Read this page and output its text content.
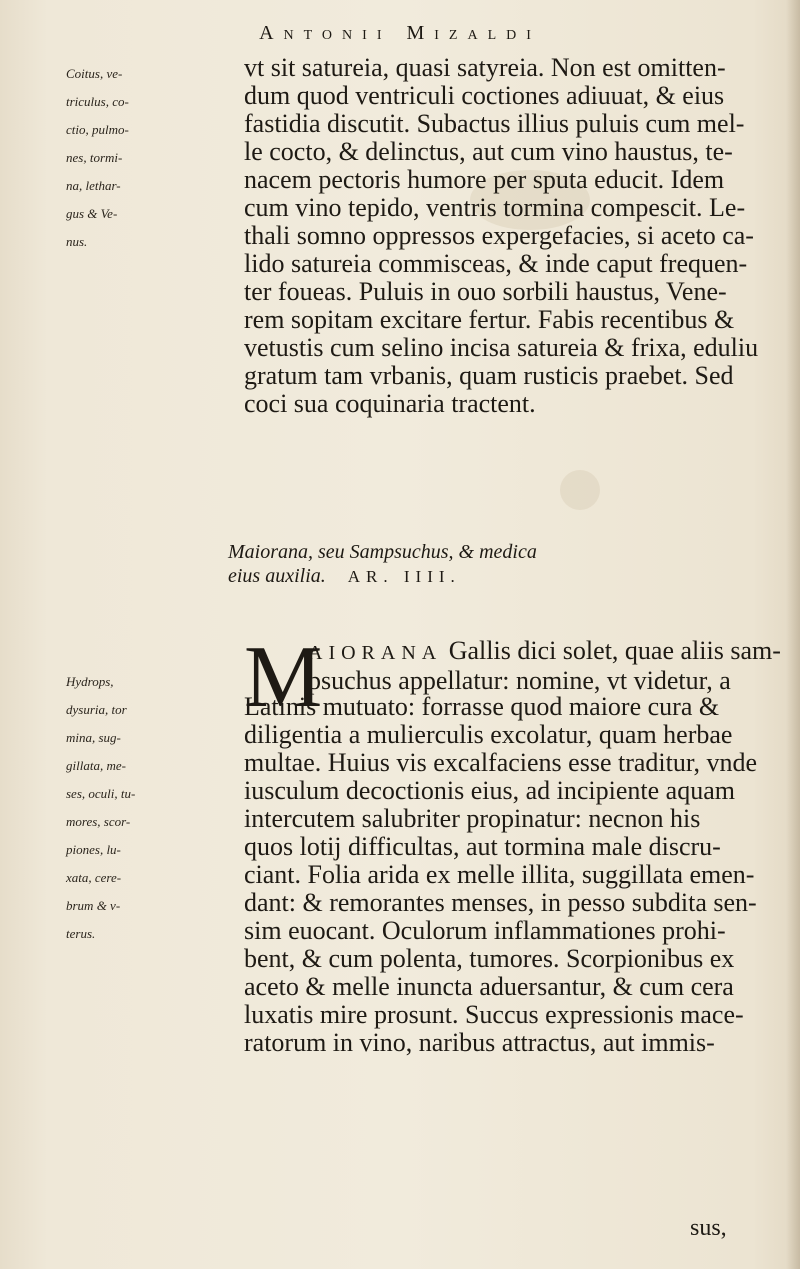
Antonii Mizaldi
Coitus, ve-
triculus, co-
ctio, pulmo-
nes, tormi-
na, lethar-
gus & Ve-
nus.
vt sit satureia, quasi satyreia. Non est omitten-
dum quod ventriculi coctiones adiuuat, & eius
fastidia discutit. Subactus illius puluis cum mel-
le cocto, & delinctus, aut cum vino haustus, te-
nacem pectoris humore per sputa educit. Idem
cum vino tepido, ventris tormina compescit. Le-
thali somno oppressos expergefacies, si aceto ca-
lido satureia commisceas, & inde caput frequen-
ter foueas. Puluis in ouo sorbili haustus, Vene-
rem sopitam excitare fertur. Fabis recentibus &
vetustis cum selino incisa satureia & frixa, eduliu
gratum tam vrbanis, quam rusticis praebet. Sed
coci sua coquinaria tractent.
Maiorana, seu Sampsuchus, & medica
eius auxilia. AR. IIII.
M
AIORANA Gallis dici solet, quae aliis sam-
psuchus appellatur: nomine, vt videtur, a
Hydrops,
dysuria, tor
mina, sug-
gillata, me-
ses, oculi, tu-
mores, scor-
piones, lu-
xata, cere-
brum & v-
terus.
Latinis mutuato: forrasse quod maiore cura &
diligentia a mulierculis excolatur, quam herbae
multae. Huius vis excalfaciens esse traditur, vnde
iusculum decoctionis eius, ad incipiente aquam
intercutem salubriter propinatur: necnon his
quos lotij difficultas, aut tormina male discru-
ciant. Folia arida ex melle illita, suggillata emen-
dant: & remorantes menses, in pesso subdita sen-
sim euocant. Oculorum inflammationes prohi-
bent, & cum polenta, tumores. Scorpionibus ex
aceto & melle inuncta aduersantur, & cum cera
luxatis mire prosunt. Succus expressionis mace-
ratorum in vino, naribus attractus, aut immis-
sus,
